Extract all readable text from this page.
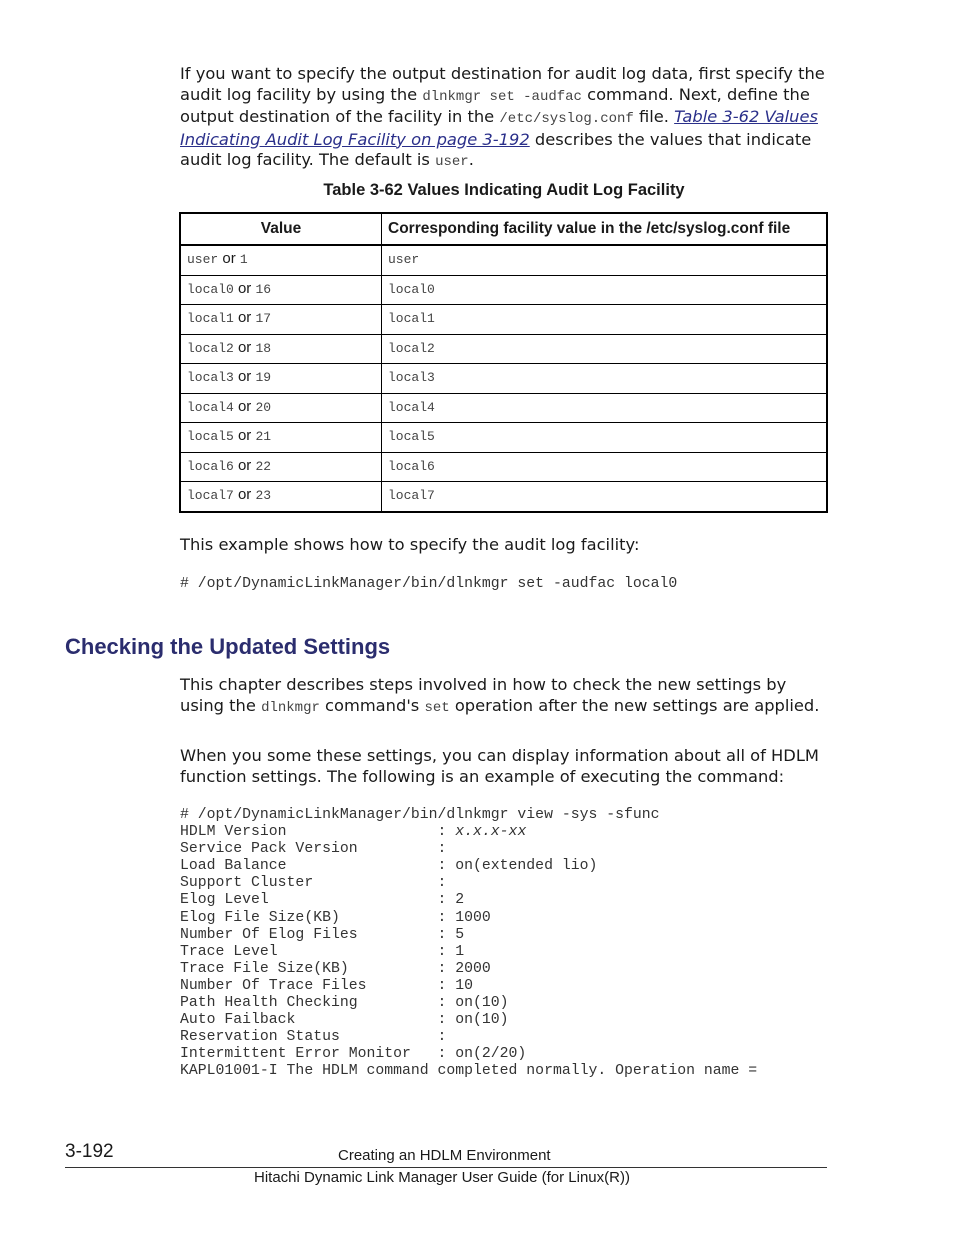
If you want to specify the output destination for audit log data, first specify the audit log facility by using the dlnkmgr set -audfac command. Next, define the output destination of the facility in the /etc/syslog.conf file. Table 3-62 Values Indicating Audit Log Facility on page 3-192 describes the values that indicate audit log facility. The default is user.

Table 3-62 Values Indicating Audit Log Facility
Value	Corresponding facility value in the /etc/syslog.conf file
user or 1	user
local0 or 16	local0
local1 or 17	local1
local2 or 18	local2
local3 or 19	local3
local4 or 20	local4
local5 or 21	local5
local6 or 22	local6
local7 or 23	local7

This example shows how to specify the audit log facility:

# /opt/DynamicLinkManager/bin/dlnkmgr set -audfac local0
Checking the Updated Settings

This chapter describes steps involved in how to check the new settings by using the dlnkmgr command's set operation after the new settings are applied.

When you some these settings, you can display information about all of HDLM function settings. The following is an example of executing the command:

# /opt/DynamicLinkManager/bin/dlnkmgr view -sys -sfunc
HDLM Version                 : x.x.x-xx
Service Pack Version         :
Load Balance                 : on(extended lio)
Support Cluster              :
Elog Level                   : 2
Elog File Size(KB)           : 1000
Number Of Elog Files         : 5
Trace Level                  : 1
Trace File Size(KB)          : 2000
Number Of Trace Files        : 10
Path Health Checking         : on(10)
Auto Failback                : on(10)
Reservation Status           :
Intermittent Error Monitor   : on(2/20)
KAPL01001-I The HDLM command completed normally. Operation name =
3-192	Creating an HDLM Environment
Hitachi Dynamic Link Manager User Guide (for Linux(R))
